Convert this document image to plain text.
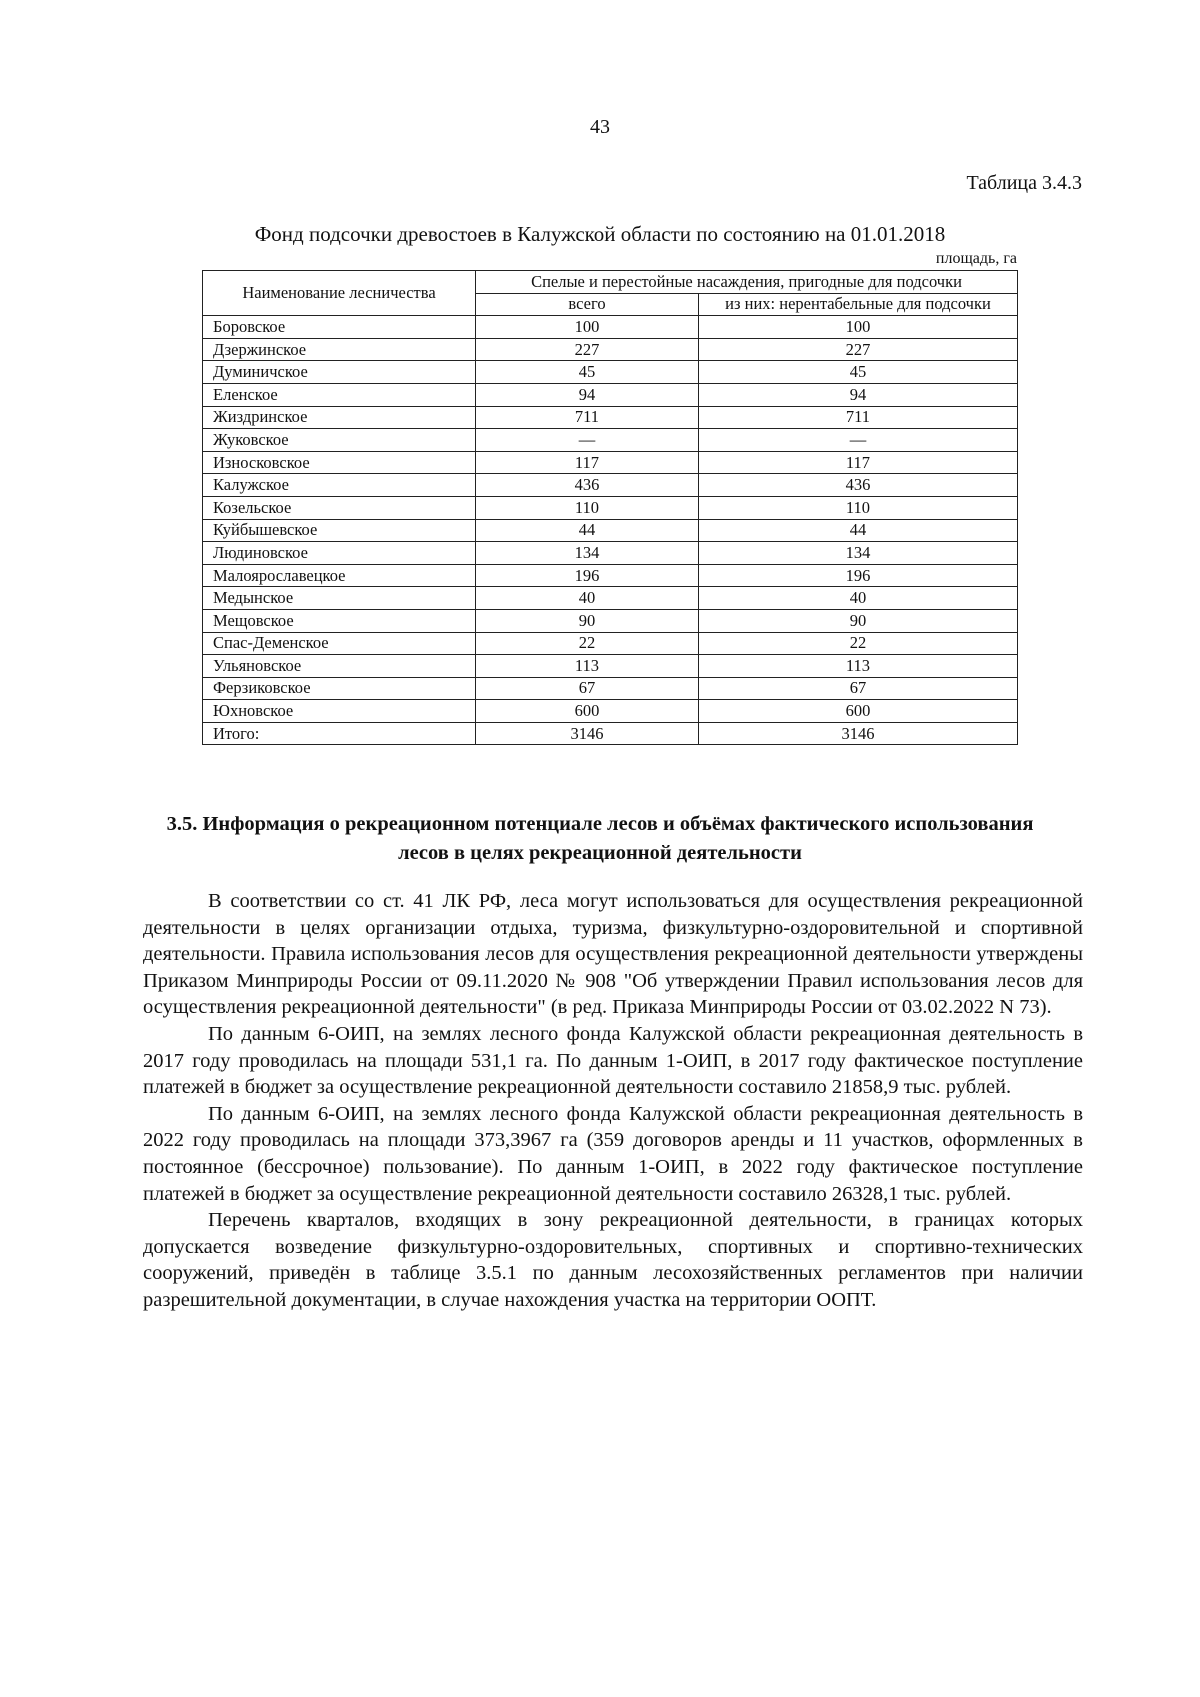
43
Таблица 3.4.3
Фонд подсочки древостоев в Калужской области по состоянию на 01.01.2018
площадь, га
Наименование лесничества	Спелые и перестойные насаждения, пригодные для подсочки	
	всего	из них: нерентабельные для подсочки
Боровское	100	100
Дзержинское	227	227
Думиничское	45	45
Еленское	94	94
Жиздринское	711	711
Жуковское	—	—
Износковское	117	117
Калужское	436	436
Козельское	110	110
Куйбышевское	44	44
Людиновское	134	134
Малоярославецкое	196	196
Медынское	40	40
Мещовское	90	90
Спас-Деменское	22	22
Ульяновское	113	113
Ферзиковское	67	67
Юхновское	600	600
Итого:	3146	3146
3.5. Информация о рекреационном потенциале лесов и объёмах фактического использования лесов в целях рекреационной деятельности

В соответствии со ст. 41 ЛК РФ, леса могут использоваться для осуществления рекреационной деятельности в целях организации отдыха, туризма, физкультурно-оздоровительной и спортивной деятельности. Правила использования лесов для осуществления рекреационной деятельности утверждены Приказом Минприроды России от 09.11.2020 № 908 "Об утверждении Правил использования лесов для осуществления рекреационной деятельности" (в ред. Приказа Минприроды России от 03.02.2022 N 73).

По данным 6-ОИП, на землях лесного фонда Калужской области рекреационная деятельность в 2017 году проводилась на площади 531,1 га. По данным 1-ОИП, в 2017 году фактическое поступление платежей в бюджет за осуществление рекреационной деятельности составило 21858,9 тыс. рублей.

По данным 6-ОИП, на землях лесного фонда Калужской области рекреационная деятельность в 2022 году проводилась на площади 373,3967 га (359 договоров аренды и 11 участков, оформленных в постоянное (бессрочное) пользование). По данным 1-ОИП, в 2022 году фактическое поступление платежей в бюджет за осуществление рекреационной деятельности составило 26328,1 тыс. рублей.

Перечень кварталов, входящих в зону рекреационной деятельности, в границах которых допускается возведение физкультурно-оздоровительных, спортивных и спортивно-технических сооружений, приведён в таблице 3.5.1 по данным лесохозяйственных регламентов при наличии разрешительной документации, в случае нахождения участка на территории ООПТ.
